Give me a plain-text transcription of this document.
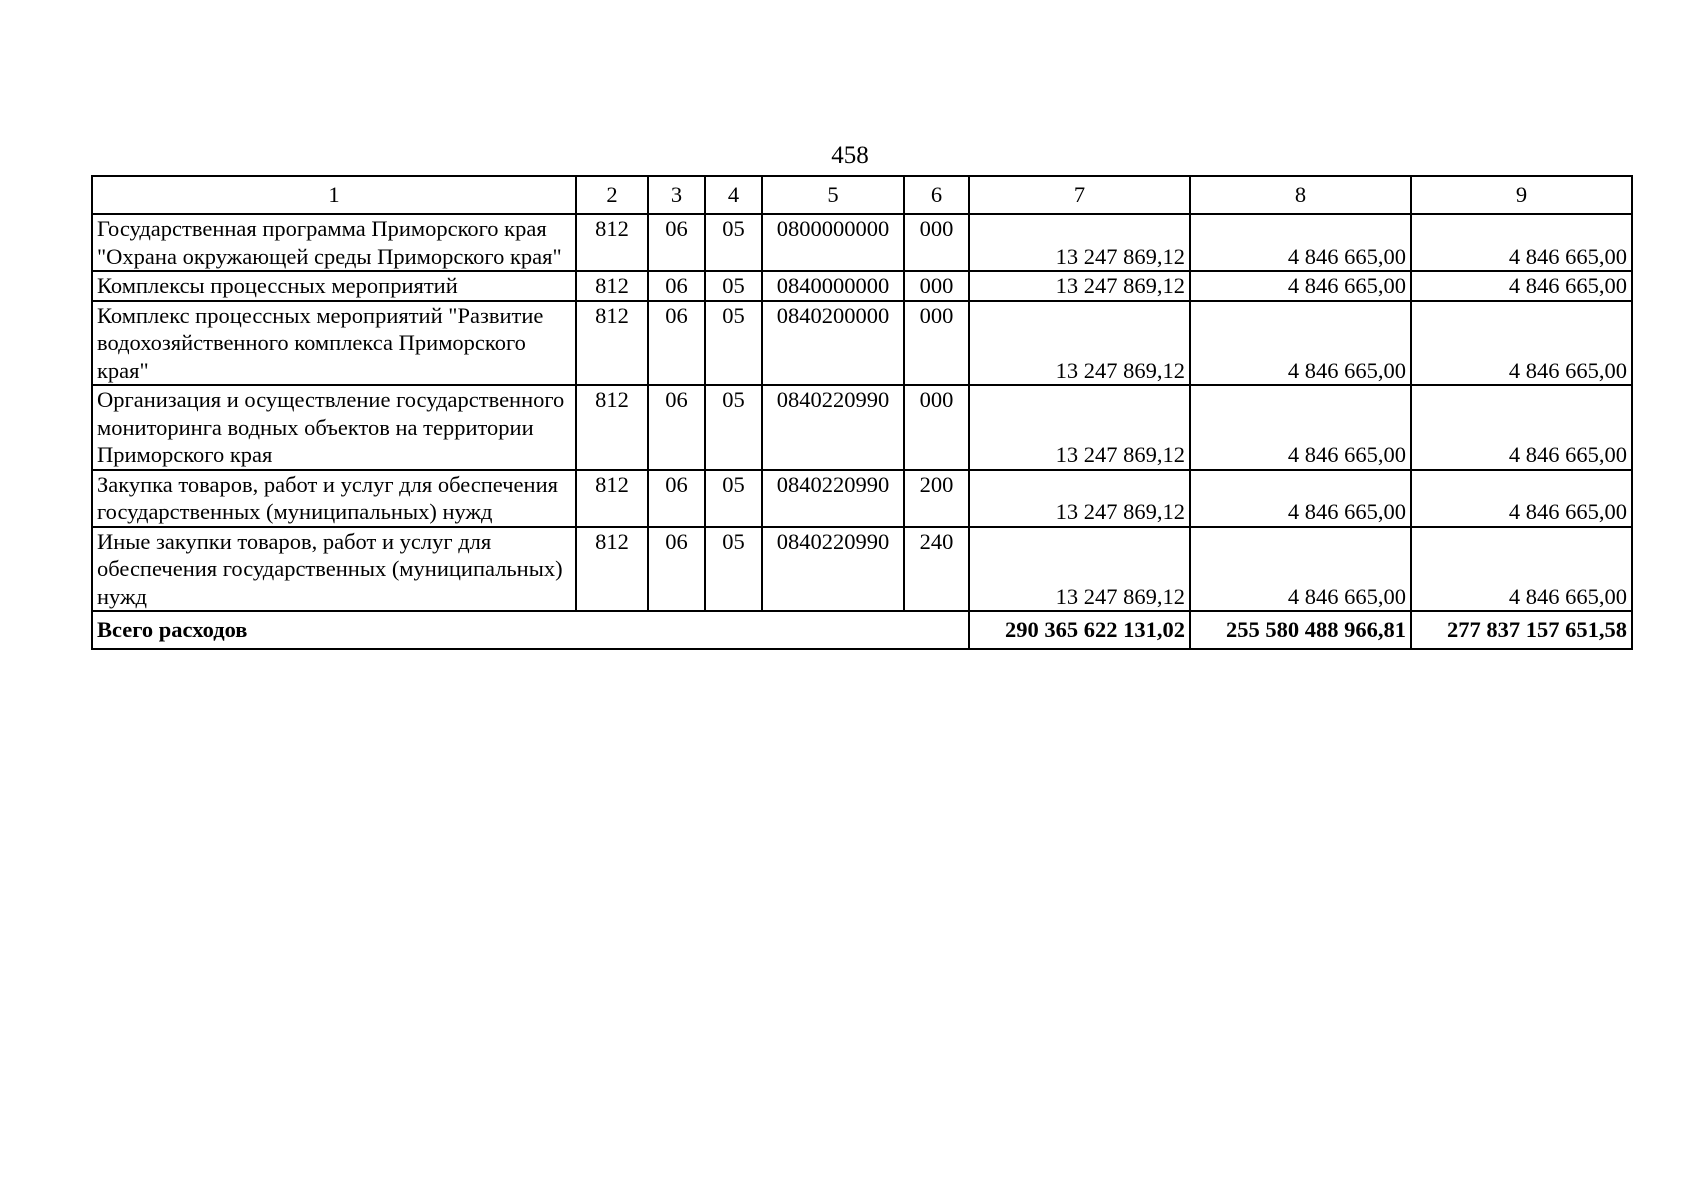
458
1	2	3	4	5	6	7	8	9
Государственная программа Приморского края "Охрана окружающей среды Приморского края"	812	06	05	0800000000	000	13 247 869,12	4 846 665,00	4 846 665,00
Комплексы процессных мероприятий	812	06	05	0840000000	000	13 247 869,12	4 846 665,00	4 846 665,00
Комплекс процессных мероприятий "Развитие водохозяйственного комплекса Приморского края"	812	06	05	0840200000	000	13 247 869,12	4 846 665,00	4 846 665,00
Организация и осуществление государственного мониторинга водных объектов на территории Приморского края	812	06	05	0840220990	000	13 247 869,12	4 846 665,00	4 846 665,00
Закупка товаров, работ и услуг для обеспечения государственных (муниципальных) нужд	812	06	05	0840220990	200	13 247 869,12	4 846 665,00	4 846 665,00
Иные закупки товаров, работ и услуг для обеспечения государственных (муниципальных) нужд	812	06	05	0840220990	240	13 247 869,12	4 846 665,00	4 846 665,00
Всего расходов						290 365 622 131,02	255 580 488 966,81	277 837 157 651,58
